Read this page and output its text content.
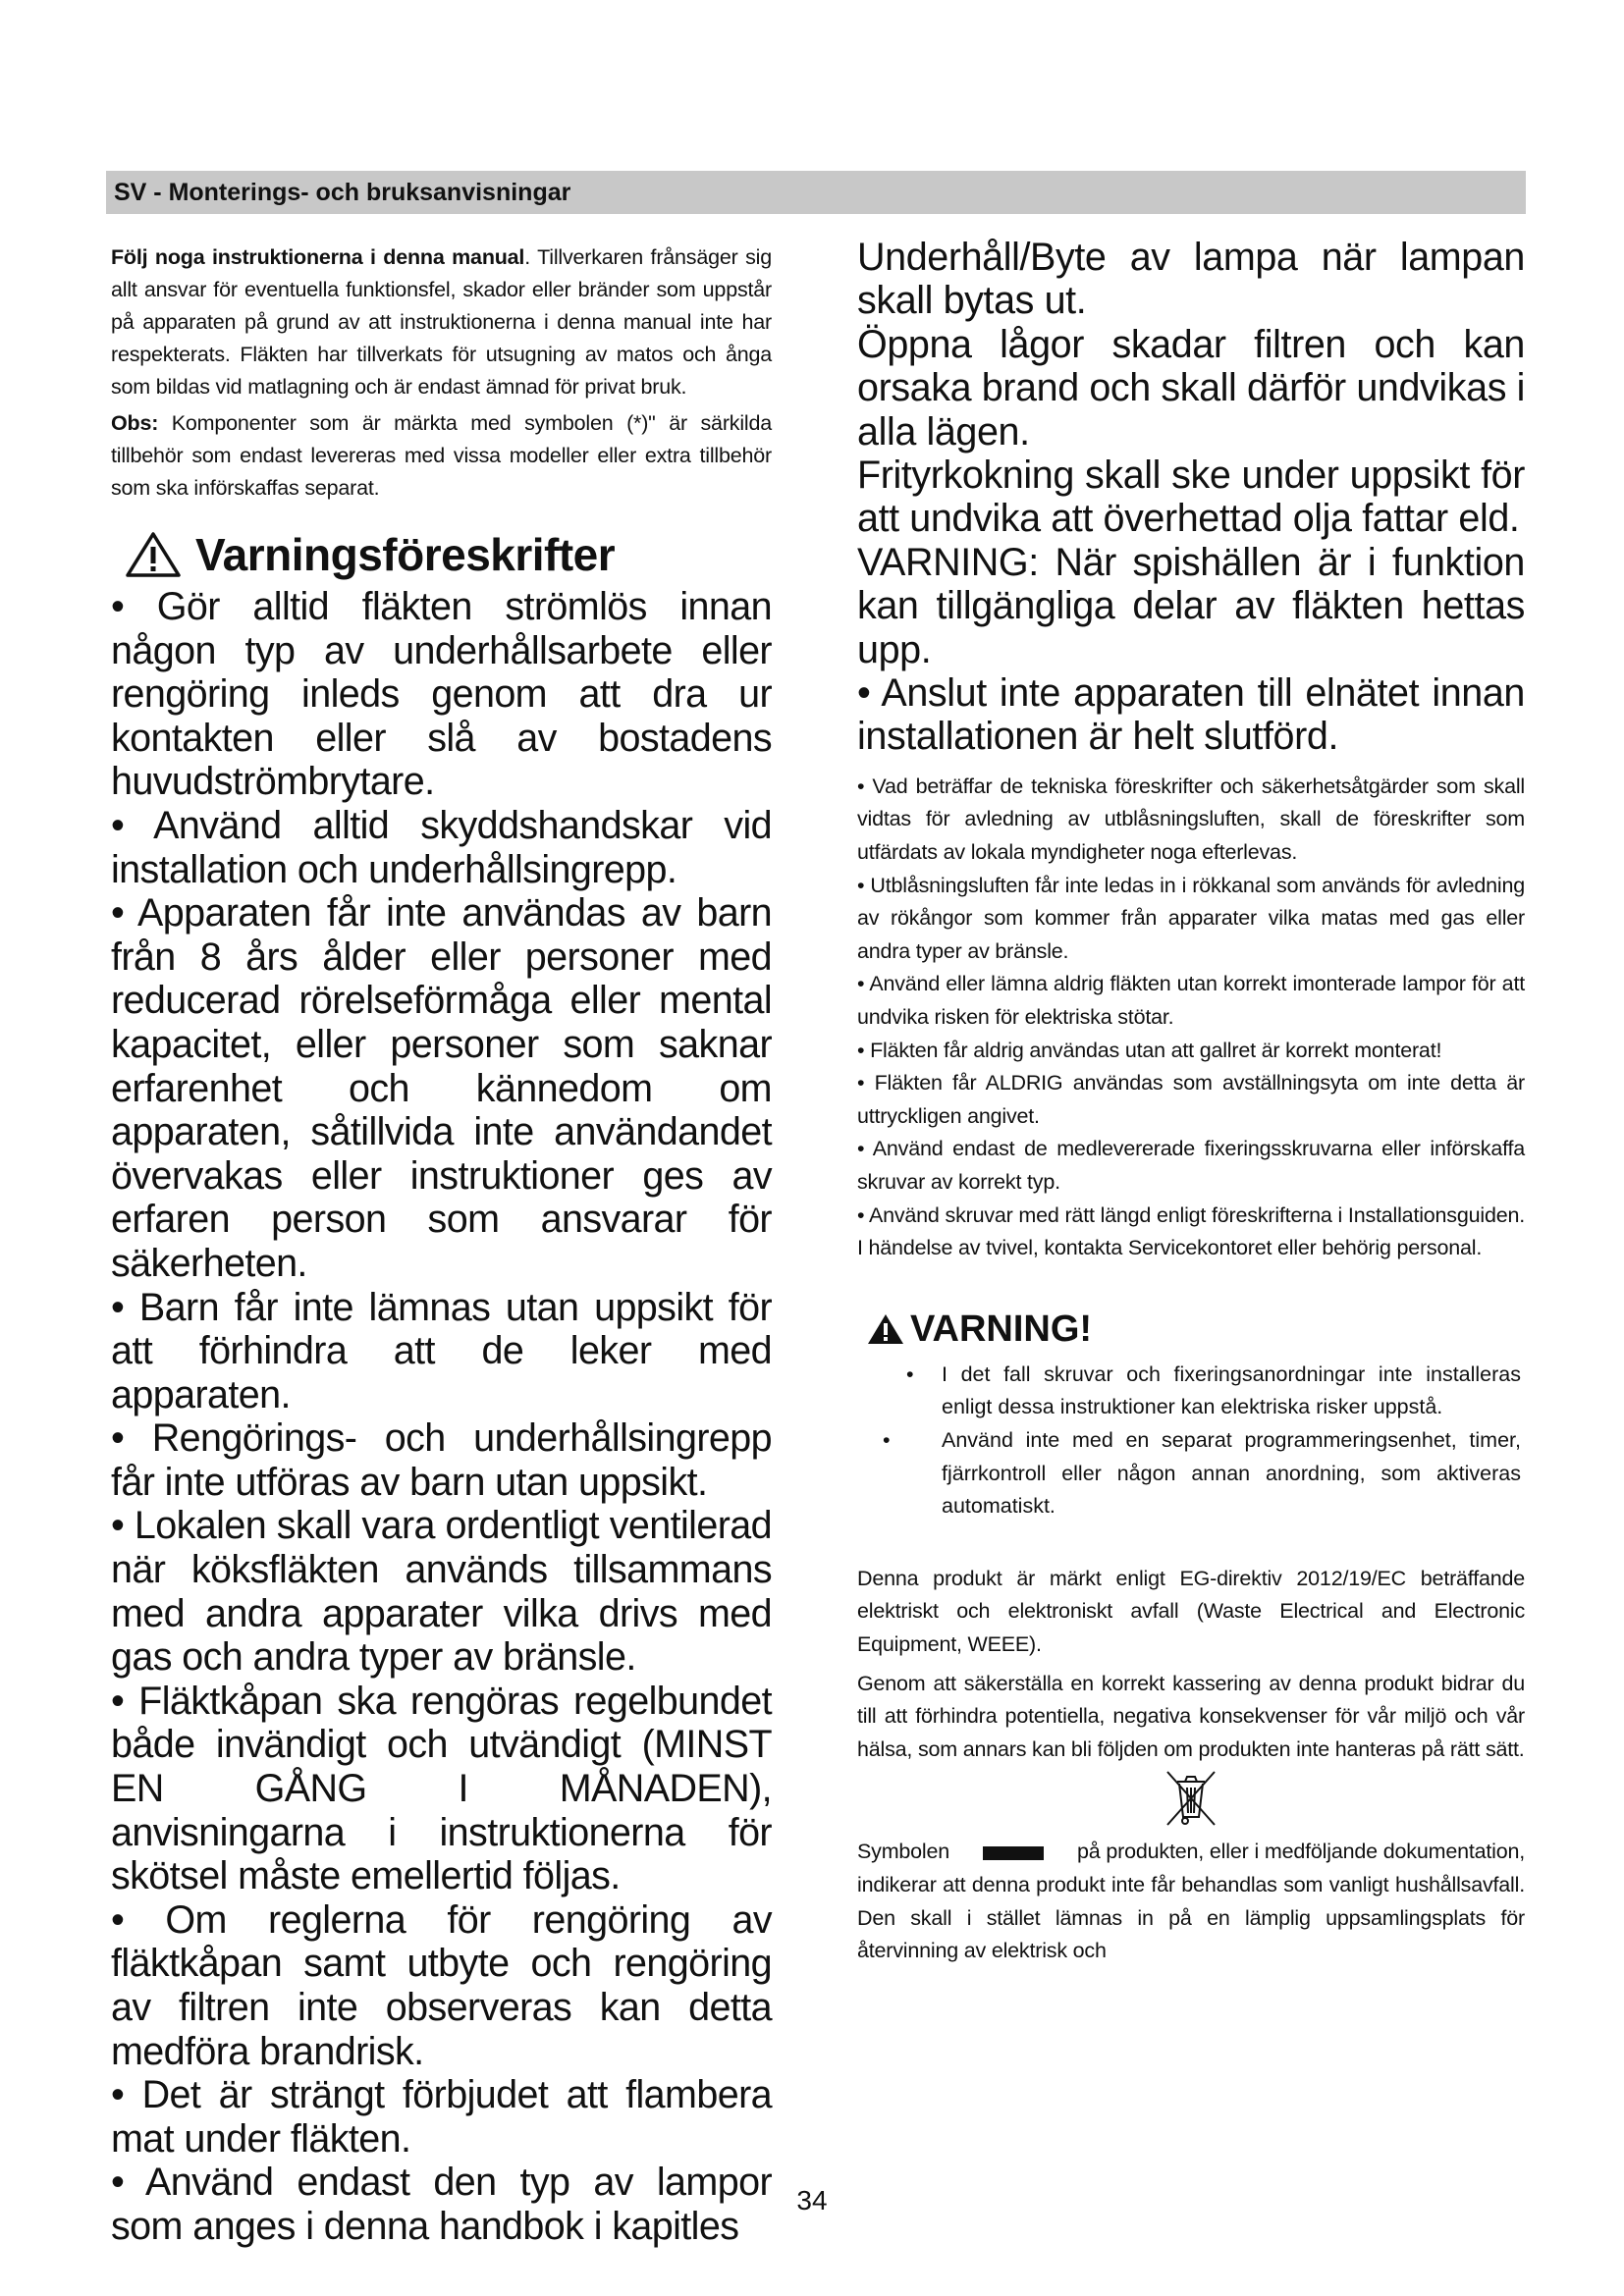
SV - Monterings- och bruksanvisningar

Följ noga instruktionerna i denna manual. Tillverkaren fråns​äger sig allt ansvar för eventuella funktionsfel, skador eller bränder som uppstår på apparaten på grund av att instruktionerna i denna manual inte har respekterats. Fläkten har tillverkats för utsugning av matos och ånga som bildas vid matlagning och är endast ämnad för privat bruk.

Obs: Komponenter som är märkta med symbolen (*)" är särkilda tillbehör som endast levereras med vissa modeller eller extra tillbehör som ska införskaffas separat.

Varningsföreskrifter

• Gör alltid fläkten strömlös innan någon typ av underhållsarbete eller rengöring inleds genom att dra ur kontakten eller slå av bostadens huvudströmbrytare.

• Använd alltid skyddshandskar vid installation och underhållsingrepp.

• Apparaten får inte användas av barn från 8 års ålder eller personer med reducerad rörelseförmåga eller mental kapacitet, eller personer som saknar erfarenhet och kännedom om apparaten, såtillvida inte användandet övervakas eller instruktioner ges av erfaren person som ansvarar för säkerheten.

• Barn får inte lämnas utan uppsikt för att förhindra att de leker med apparaten.

• Rengörings- och underhållsingrepp får inte utföras av barn utan uppsikt.

• Lokalen skall vara ordentligt ventilerad när köksfläkten används tillsammans med andra apparater vilka drivs med gas och andra typer av bränsle.

• Fläktkåpan ska rengöras regelbundet både invändigt och utvändigt (MINST EN GÅNG I MÅNADEN), anvisningarna i instruktionerna för skötsel måste emellertid följas.

• Om reglerna för rengöring av fläktkåpan samt utbyte och rengöring av filtren inte observeras kan detta medföra brandrisk.

• Det är strängt förbjudet att flambera mat under fläkten.

• Använd endast den typ av lampor som anges i denna handbok i kapitles

Underhåll/Byte av lampa när lampan skall bytas ut.

Öppna lågor skadar filtren och kan orsaka brand och skall därför undvikas i alla lägen.

Frityrkokning skall ske under uppsikt för att undvika att överhettad olja fattar eld.

VARNING: När spishällen är i funktion kan tillgängliga delar av fläkten hettas upp.

• Anslut inte apparaten till elnätet innan installationen är helt slutförd.

• Vad beträffar de tekniska föreskrifter och säkerhetsåtgärder som skall vidtas för avledning av utblåsningsluften, skall de föreskrifter som utfärdats av lokala myndigheter noga efterlevas.

• Utblåsningsluften får inte ledas in i rökkanal som används för avledning av rökångor som kommer från apparater vilka matas med gas eller andra typer av bränsle.

• Använd eller lämna aldrig fläkten utan korrekt imonterade lampor för att undvika risken för elektriska stötar.

• Fläkten får aldrig användas utan att gallret är korrekt monterat!

• Fläkten får ALDRIG användas som avställningsyta om inte detta är uttryckligen angivet.

• Använd endast de medlevererade fixeringsskruvarna eller införskaffa skruvar av korrekt typ.

• Använd skruvar med rätt längd enligt föreskrifterna i Installationsguiden. I händelse av tvivel, kontakta Servicekontoret eller behörig personal.

VARNING!
• I det fall skruvar och fixeringsanordningar inte installeras enligt dessa instruktioner kan elektriska risker uppstå.
• Använd inte med en separat programmeringsenhet, timer, fjärrkontroll eller någon annan anordning, som aktiveras automatiskt.

Denna produkt är märkt enligt EG-direktiv 2012/19/EC beträffande elektriskt och elektroniskt avfall (Waste Electrical and Electronic Equipment, WEEE).

Genom att säkerställa en korrekt kassering av denna produkt bidrar du till att förhindra potentiella, negativa konsekvenser för vår miljö och vår hälsa, som annars kan bli följden om produkten inte hanteras på rätt sätt.

Symbolen	på produkten, eller i medföljande dokumentation, indikerar att denna produkt inte får behandlas som vanligt hushållsavfall. Den skall i stället lämnas in på en lämplig uppsamlingsplats för återvinning av elektrisk och

34
